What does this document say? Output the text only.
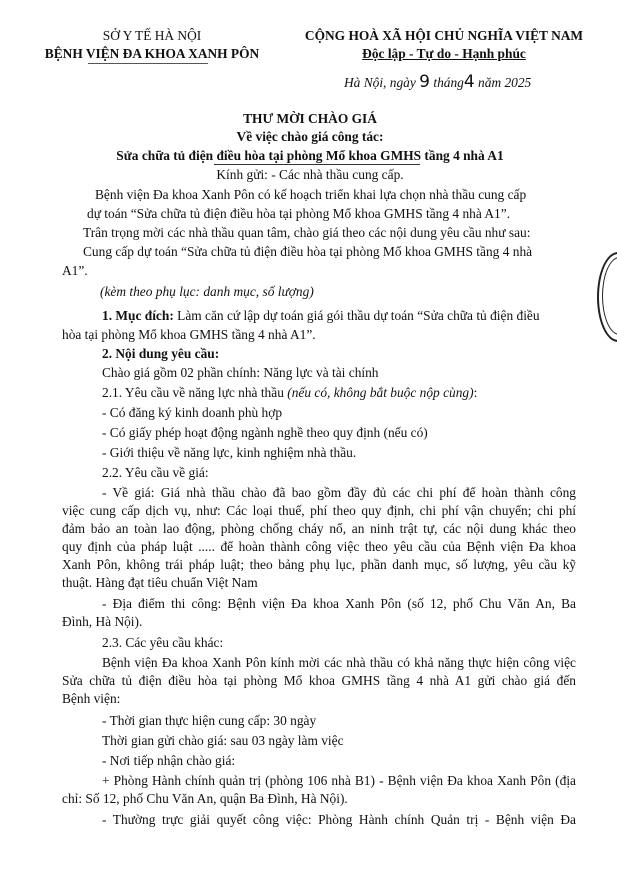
SỞ Y TẾ HÀ NỘI
BỆNH VIỆN ĐA KHOA XANH PÔN
CỘNG HOÀ XÃ HỘI CHỦ NGHĨA VIỆT NAM
Độc lập - Tự do - Hạnh phúc
Hà Nội, ngày 9 tháng4 năm 2025
THƯ MỜI CHÀO GIÁ
Về việc chào giá công tác:
Sửa chữa tủ điện điều hòa tại phòng Mổ khoa GMHS tầng 4 nhà A1
Kính gửi: - Các nhà thầu cung cấp.
Bệnh viện Đa khoa Xanh Pôn có kế hoạch triển khai lựa chọn nhà thầu cung cấp
dự toán “Sửa chữa tủ điện điều hòa tại phòng Mổ khoa GMHS tầng 4 nhà A1”.
Trân trọng mời các nhà thầu quan tâm, chào giá theo các nội dung yêu cầu như sau:
Cung cấp dự toán “Sửa chữa tủ điện điều hòa tại phòng Mổ khoa GMHS tầng 4 nhà
A1”.
(kèm theo phụ lục: danh mục, số lượng)
1. Mục đích: Làm căn cứ lập dự toán giá gói thầu dự toán “Sửa chữa tủ điện điều
hòa tại phòng Mổ khoa GMHS tầng 4 nhà A1”.
2. Nội dung yêu cầu:
Chào giá gồm 02 phần chính: Năng lực và tài chính
2.1. Yêu cầu về năng lực nhà thầu (nếu có, không bắt buộc nộp cùng):
- Có đăng ký kinh doanh phù hợp
- Có giấy phép hoạt động ngành nghề theo quy định (nếu có)
- Giới thiệu về năng lực, kinh nghiệm nhà thầu.
2.2. Yêu cầu về giá:
- Về giá: Giá nhà thầu chào đã bao gồm đầy đủ các chi phí để hoàn thành công
việc cung cấp dịch vụ, như: Các loại thuế, phí theo quy định, chi phí vận chuyển; chi phí
đảm bảo an toàn lao động, phòng chống cháy nổ, an ninh trật tự, các nội dung khác theo
quy định của pháp luật ..... để hoàn thành công việc theo yêu cầu của Bệnh viện Đa khoa
Xanh Pôn, không trái pháp luật; theo bảng phụ lục, phần danh mục, số lượng, yêu cầu kỹ
thuật. Hàng đạt tiêu chuẩn Việt Nam
- Địa điểm thi công: Bệnh viện Đa khoa Xanh Pôn (số 12, phố Chu Văn An, Ba
Đình, Hà Nội).
2.3. Các yêu cầu khác:
Bệnh viện Đa khoa Xanh Pôn kính mời các nhà thầu có khả năng thực hiện công việc
Sửa chữa tủ điện điều hòa tại phòng Mổ khoa GMHS tầng 4 nhà A1 gửi chào giá đến
Bệnh viện:
- Thời gian thực hiện cung cấp: 30 ngày
Thời gian gửi chào giá: sau 03 ngày làm việc
- Nơi tiếp nhận chào giá:
+ Phòng Hành chính quản trị (phòng 106 nhà B1) - Bệnh viện Đa khoa Xanh Pôn (địa
chỉ: Số 12, phố Chu Văn An, quận Ba Đình, Hà Nội).
- Thường trực giải quyết công việc: Phòng Hành chính Quản trị - Bệnh viện Đa
